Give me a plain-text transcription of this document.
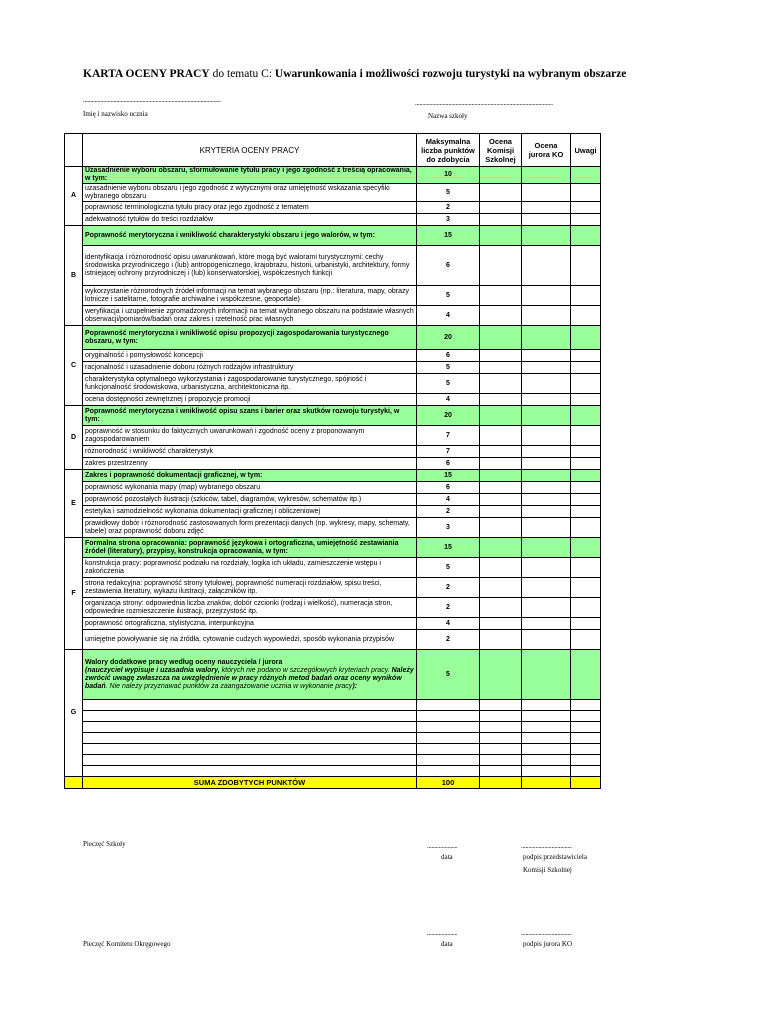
KARTA OCENY PRACY do tematu C: Uwarunkowania i możliwości rozwoju turystyki na wybranym obszarze
...............................................................................................	...............................................................................................
Imię i nazwisko ucznia	Nazwa szkoły
	KRYTERIA OCENY PRACY	Maksymalna liczba punktów do zdobycia	Ocena Komisji Szkolnej	Ocena jurora KO	Uwagi
A	Uzasadnienie wyboru obszaru, sformułowanie tytułu pracy i jego zgodność z treścią opracowania, w tym:	10			
	uzasadnienie wyboru obszaru i jego zgodność z wytycznymi oraz umiejętność wskazania specyfiki wybranego obszaru	5			
	poprawność terminologiczna tytułu pracy oraz jego zgodność z tematem	2			
	adekwatność tytułów do treści rozdziałów	3			
B	Poprawność merytoryczna i wnikliwość charakterystyki obszaru i jego walorów, w tym:	15			
	identyfikacja i różnorodność opisu uwarunkowań, które mogą być walorami turystycznymi: cechy środowiska przyrodniczego i (lub) antropogenicznego, krajobrazu, historii, urbanistyki, architektury, formy istniejącej ochrony przyrodniczej i (lub) konserwatorskiej, współczesnych funkcji	6			
	wykorzystanie różnorodnych źródeł informacji na temat wybranego obszaru (np.: literatura, mapy, obrazy lotnicze i satelitarne, fotografie archiwalne i współczesne, geoportale)	5			
	weryfikacja i uzupełnienie zgromadzonych informacji na temat wybranego obszaru na podstawie własnych obserwacji/pomiarów/badań oraz zakres i rzetelność prac własnych	4			
C	Poprawność merytoryczna i wnikliwość opisu propozycji zagospodarowania turystycznego obszaru, w tym:	20			
	oryginalność i pomysłowość koncepcji	6			
	racjonalność i uzasadnienie doboru różnych rodzajów infrastruktury	5			
	charakterystyka optymalnego wykorzystania i zagospodarowanie turystycznego, spójność i funkcjonalność środowiskowa, urbanistyczna, architektoniczna itp.	5			
	ocena dostępności zewnętrznej i propozycje promocji	4			
D	Poprawność merytoryczna i wnikliwość opisu szans i barier oraz skutków rozwoju turystyki, w tym:	20			
	poprawność w stosunku do faktycznych uwarunkowań i zgodność oceny z proponowanym zagospodarowaniem	7			
	różnorodność i wnikliwość charakterystyk	7			
	zakres przestrzenny	6			
E	Zakres i poprawność dokumentacji graficznej, w tym:	15			
	poprawność wykonania mapy (map) wybranego obszaru	6			
	poprawność pozostałych ilustracji (szkiców, tabel, diagramów, wykresów, schematów itp.)	4			
	estetyka i samodzielność wykonania dokumentacji graficznej i obliczeniowej	2			
	prawidłowy dobór i różnorodność zastosowanych form prezentacji danych (np. wykresy, mapy, schematy, tabele) oraz poprawność doboru zdjęć	3			
F	Formalna strona opracowania: poprawność językowa i ortograficzna, umiejętność zestawiania źródeł (literatury), przypisy, konstrukcja opracowania, w tym:	15			
	konstrukcja pracy: poprawność podziału na rozdziały, logika ich układu, zamieszczenie wstępu i zakończenia	5			
	strona redakcyjna: poprawność strony tytułowej, poprawność numeracji rozdziałów, spisu treści, zestawienia literatury, wykazu ilustracji, załączników itp.	2			
	organizacja strony: odpowiednia liczba znaków, dobór czcionki (rodzaj i wielkość), numeracja stron, odpowiednie rozmieszczenie ilustracji, przejrzystość itp.	2			
	poprawność ortograficzna, stylistyczna, interpunkcyjna	4			
	umiejętne powoływanie się na źródła, cytowanie cudzych wypowiedzi, sposób wykonania przypisów	2			
G	Walory dodatkowe pracy według oceny nauczyciela / jurora
(nauczyciel wypisuje i uzasadnia walory, których nie podano w szczegółowych kryteriach pracy. Należy zwrócić uwagę zwłaszcza na uwzględnienie w pracy różnych metod badań oraz oceny wyników badań. Nie należy przyznawać punktów za zaangażowanie ucznia w wykonanie pracy):	5			

	SUMA ZDOBYTYCH PUNKTÓW	100			
Pieczęć Szkoły	.....................	...................................
data	podpis przedstawiciela
Komisji Szkolnej
.....................	...................................
Pieczęć Komitetu Okręgowego	data	podpis jurora KO
